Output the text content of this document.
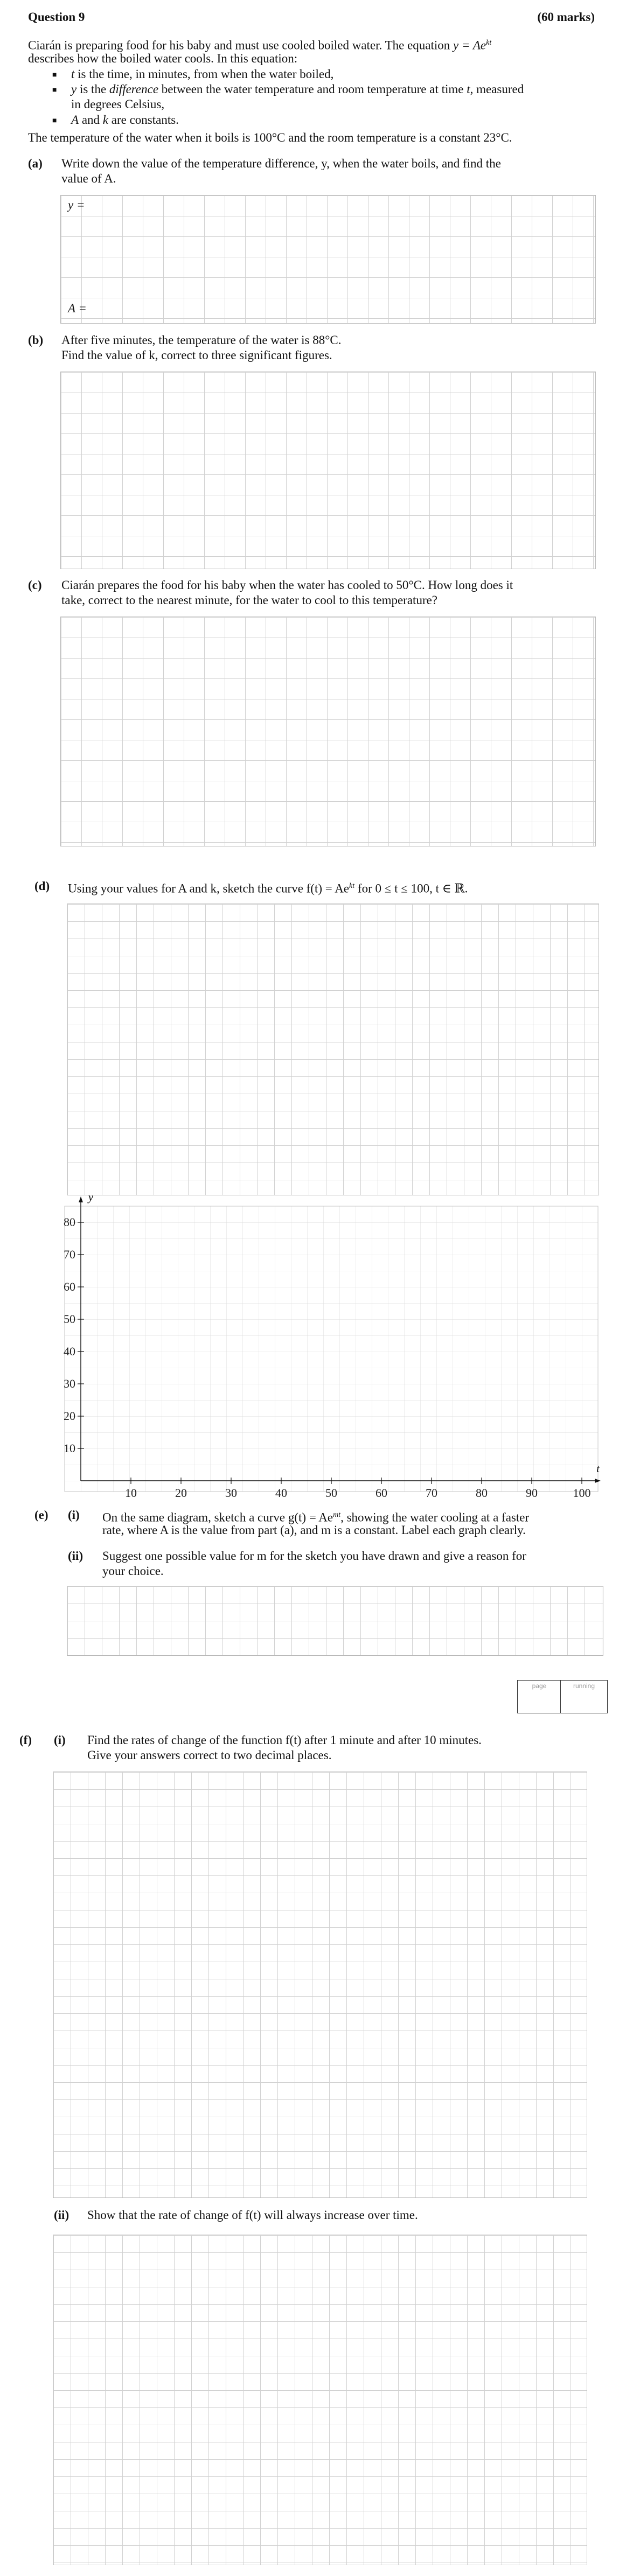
Question 9	(60 marks)
Ciarán is preparing food for his baby and must use cooled boiled water. The equation $y = Ae^{kt}$
describes how the boiled water cools. In this equation:
■ t is the time, in minutes, from when the water boiled,
■ y is the difference between the water temperature and room temperature at time t, measured
in degrees Celsius,
■ A and k are constants.
The temperature of the water when it boils is 100°C and the room temperature is a constant 23°C.
(a) Write down the value of the temperature difference, y, when the water boils, and find the
value of A.
y =
A =
(b) After five minutes, the temperature of the water is 88°C.
Find the value of k, correct to three significant figures.
(c) Ciarán prepares the food for his baby when the water has cooled to 50°C. How long does it
take, correct to the nearest minute, for the water to cool to this temperature?
(d) Using your values for A and k, sketch the curve $f(t) = Ae^{kt}$ for 0 ≤ t ≤ 100, t ∈ ℝ.
t
y
10	20	30	40	50	60	70	80	90	100
10
20
30
40
50
60
70
80
(e) (i) On the same diagram, sketch a curve $g(t) = Ae^{mt}$, showing the water cooling at a faster
rate, where A is the value from part (a), and m is a constant. Label each graph clearly.
(ii) Suggest one possible value for m for the sketch you have drawn and give a reason for
your choice.
page	running
(f) (i) Find the rates of change of the function f(t) after 1 minute and after 10 minutes.
Give your answers correct to two decimal places.
(ii) Show that the rate of change of f(t) will always increase over time.
